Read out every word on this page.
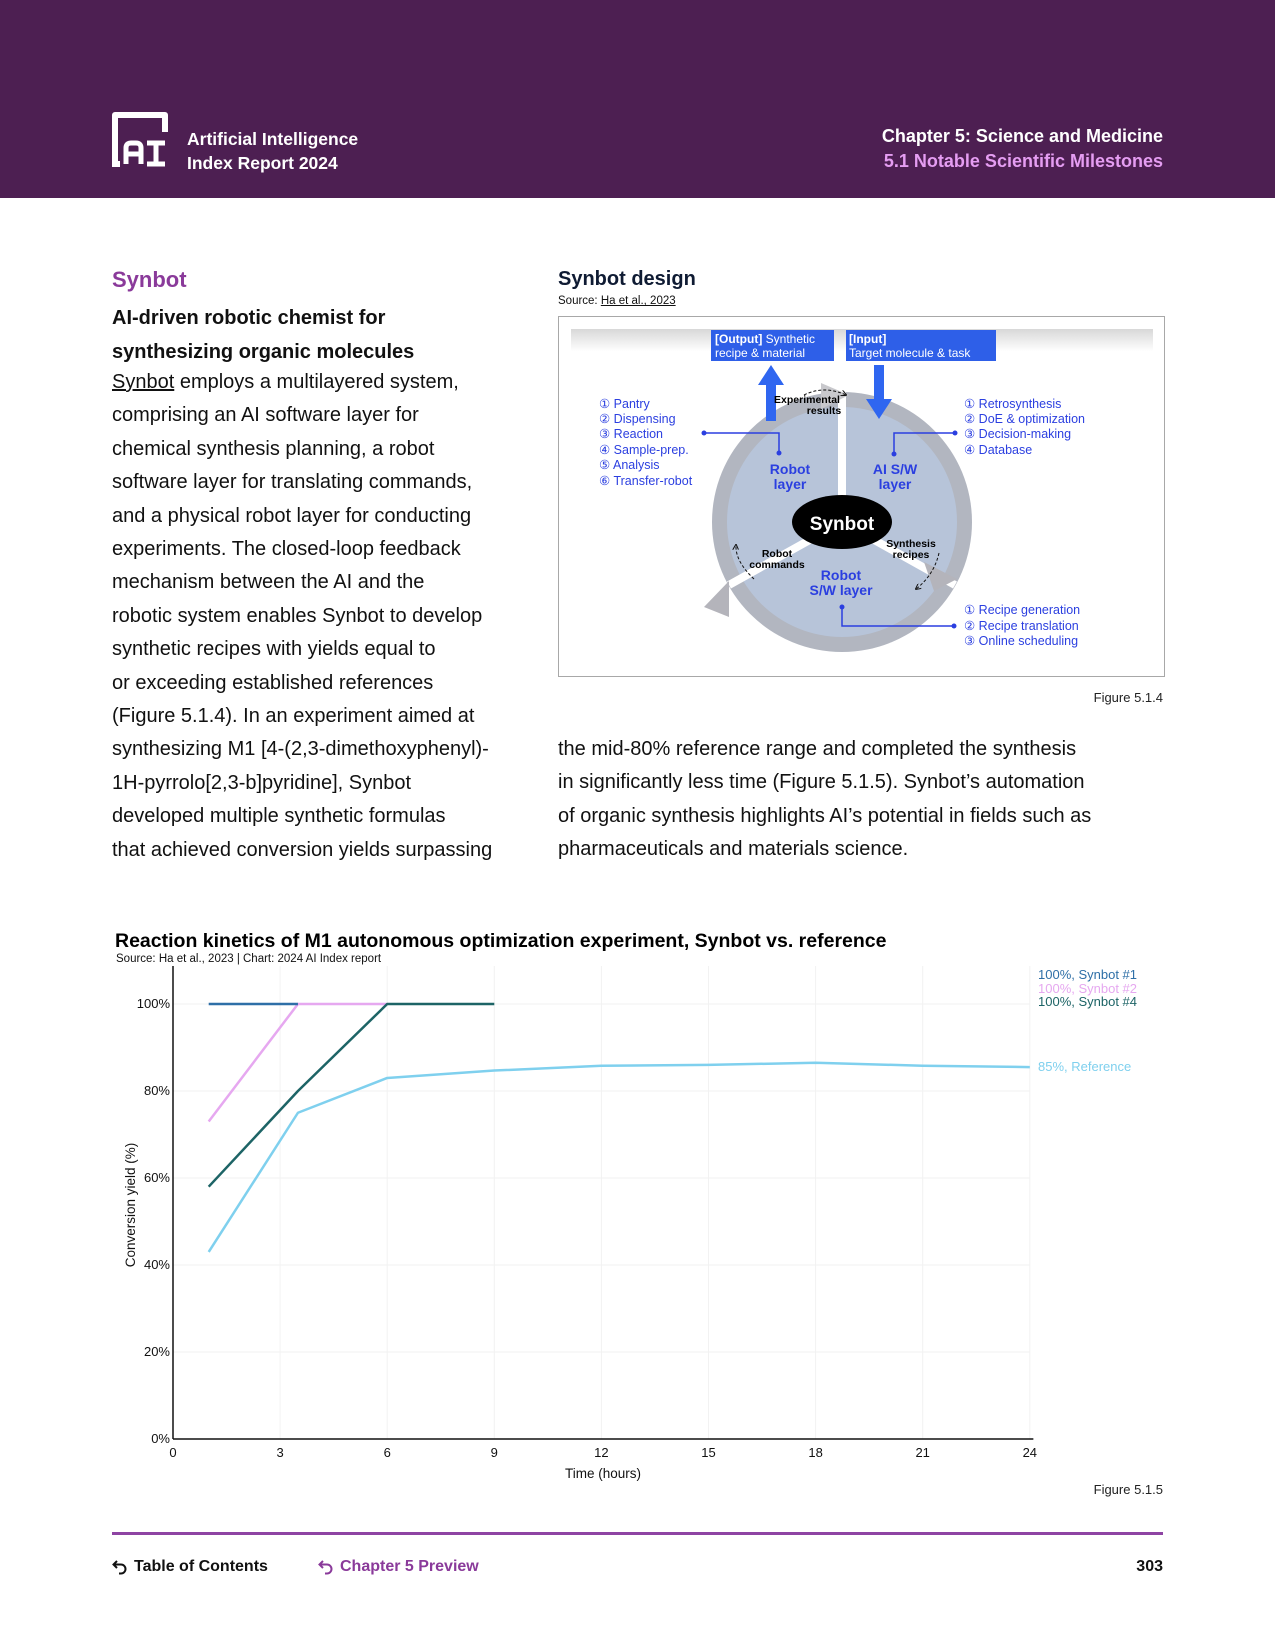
Artificial Intelligence
Index Report 2024
Chapter 5: Science and Medicine
5.1 Notable Scientific Milestones
Synbot
AI-driven robotic chemist for
synthesizing organic molecules
Synbot employs a multilayered system,
comprising an AI software layer for
chemical synthesis planning, a robot
software layer for translating commands,
and a physical robot layer for conducting
experiments. The closed-loop feedback
mechanism between the AI and the
robotic system enables Synbot to develop
synthetic recipes with yields equal to
or exceeding established references
(Figure 5.1.4). In an experiment aimed at
synthesizing M1 [4-(2,3-dimethoxyphenyl)-
1H-pyrrolo[2,3-b]pyridine], Synbot
developed multiple synthetic formulas
that achieved conversion yields surpassing
Synbot design
Source: Ha et al., 2023
Synbot
[Output] Synthetic
recipe & material
[Input]
Target molecule & task
Experimental
results
Robot
layer
AI S/W
layer
Robot
S/W layer
Robot
commands
Synthesis
recipes
① Pantry
② Dispensing
③ Reaction
④ Sample-prep.
⑤ Analysis
⑥ Transfer-robot
① Retrosynthesis
② DoE & optimization
③ Decision-making
④ Database
① Recipe generation
② Recipe translation
③ Online scheduling
Figure 5.1.4
the mid-80% reference range and completed the synthesis
in significantly less time (Figure 5.1.5). Synbot’s automation
of organic synthesis highlights AI’s potential in fields such as
pharmaceuticals and materials science.
Reaction kinetics of M1 autonomous optimization experiment, Synbot vs. reference
Source: Ha et al., 2023 | Chart: 2024 AI Index report
0%
20%
40%
60%
80%
100%
0	3	6	9	12	15	18	21	24
100%, Synbot #1
100%, Synbot #2
100%, Synbot #4
85%, Reference
Conversion yield (%)
Time (hours)
Figure 5.1.5
Table of Contents	Chapter 5 Preview	303
